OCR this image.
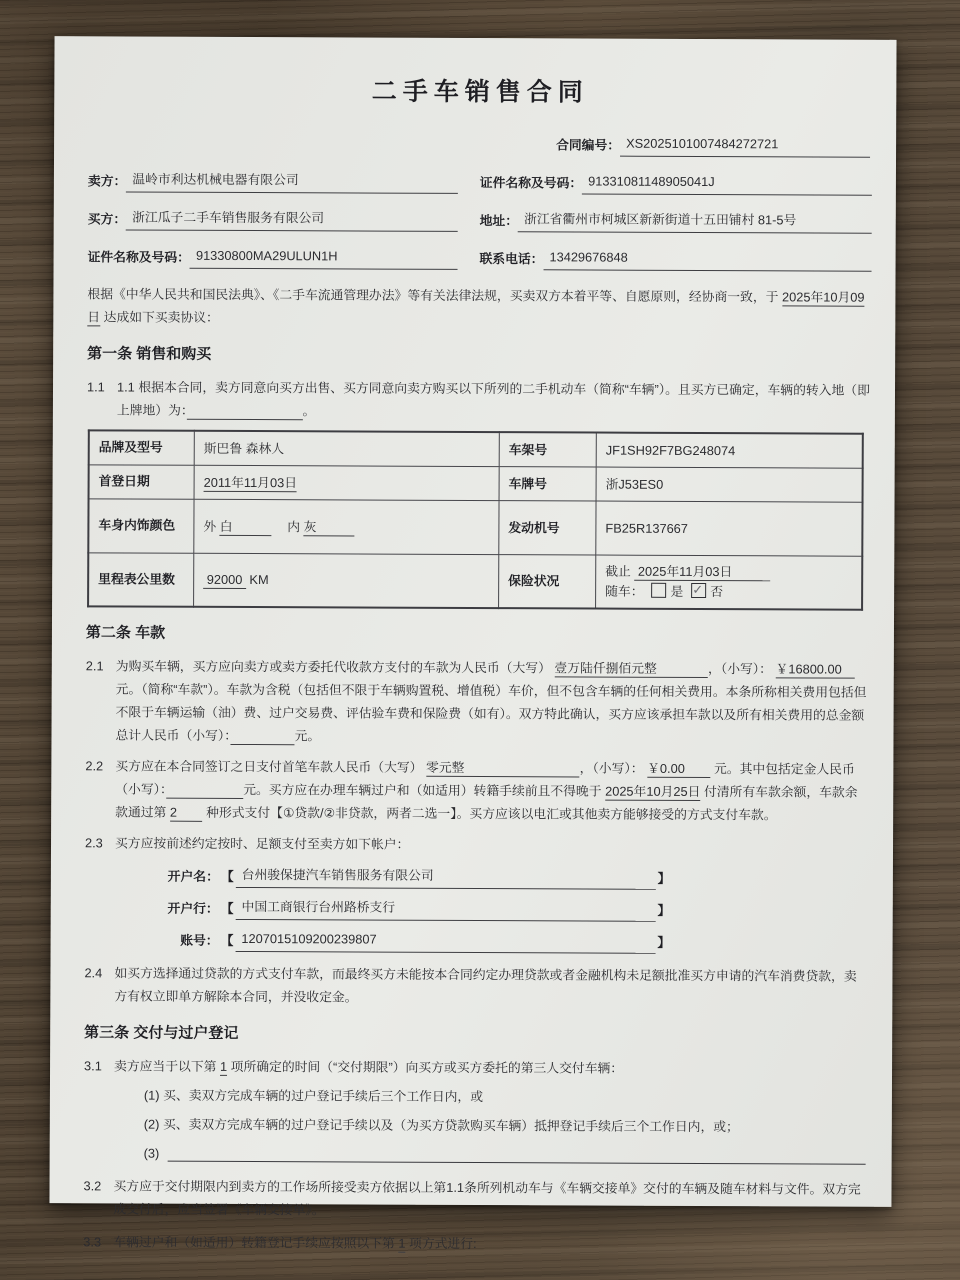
二手车销售合同
合同编号： XS2025101007484272721
卖方： 温岭市利达机械电器有限公司	证件名称及号码： 91331081148905041J
买方： 浙江瓜子二手车销售服务有限公司	地址： 浙江省衢州市柯城区新新街道十五田铺村 81-5号
证件名称及号码： 91330800MA29ULUN1H	联系电话： 13429676848

根据《中华人民共和国民法典》、《二手车流通管理办法》等有关法律法规，买卖双方本着平等、自愿原则，经协商一致，于 2025年10月09日 达成如下买卖协议：

第一条 销售和购买
1.1 1.1 根据本合同，卖方同意向买方出售、买方同意向卖方购买以下所列的二手机动车（简称“车辆”）。且买方已确定，车辆的转入地（即上牌地）为：　　　　　　　　　	。
品牌及型号	斯巴鲁 森林人	车架号	JF1SH92F7BG248074
首登日期	2011年11月03日	车牌号	浙J53ES0
车身内饰颜色	外 白　　　　 内 灰　　　	发动机号	FB25R137667
里程表公里数	92000  KM	保险状况	截止  2025年11月03日　　　
随车： 是 ✓ 否
第二条 车款
2.1 为购买车辆，买方应向卖方或卖方委托代收款方支付的车款为人民币（大写） 壹万陆仟捌佰元整　　　　，（小写）： ￥16800.00　 元。（简称“车款”）。车款为含税（包括但不限于车辆购置税、增值税）车价，但不包含车辆的任何相关费用。本条所称相关费用包括但不限于车辆运输（油）费、过户交易费、评估验车费和保险费（如有）。双方特此确认，买方应该承担车款以及所有相关费用的总金额总计人民币（小写）：　　　　　	元。
2.2 买方应在本合同签订之日支付首笔车款人民币（大写） 零元整　　　　　　　　　，（小写）： ￥0.00　　 元。其中包括定金人民币（小写）：　　　　　　	元。买方应在办理车辆过户和（如适用）转籍手续前且不得晚于 2025年10月25日 付清所有车款余额，车款余款通过第 2　　 种形式支付【①贷款/②非贷款，两者二选一】。买方应该以电汇或其他卖方能够接受的方式支付车款。
2.3 买方应按前述约定按时、足额支付至卖方如下帐户：
开户名： 【 台州骏保捷汽车销售服务有限公司	】
开户行： 【 中国工商银行台州路桥支行	】
账号： 【 1207015109200239807	】
2.4 如买方选择通过贷款的方式支付车款，而最终买方未能按本合同约定办理贷款或者金融机构未足额批准买方申请的汽车消费贷款，卖方有权立即单方解除本合同，并没收定金。
第三条 交付与过户登记
3.1 卖方应当于以下第 1 项所确定的时间（“交付期限”）向买方或买方委托的第三人交付车辆：
(1) 买、卖双方完成车辆的过户登记手续后三个工作日内，或
(2) 买、卖双方完成车辆的过户登记手续以及（为买方贷款购买车辆）抵押登记手续后三个工作日内，或；
(3)
3.2 买方应于交付期限内到卖方的工作场所接受卖方依据以上第1.1条所列机动车与《车辆交接单》交付的车辆及随车材料与文件。双方完成交付后，应当签署《车辆交接单》。
3.3 车辆过户和（如适用）转籍登记手续应按照以下第 1 项方式进行:
